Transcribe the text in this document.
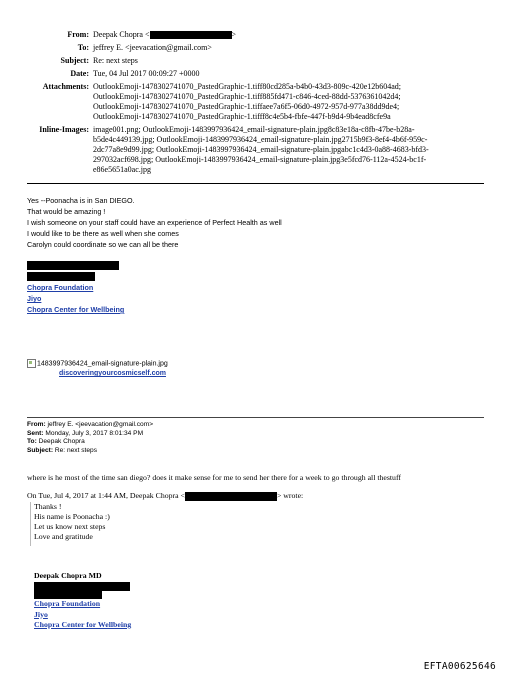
From: Deepak Chopra <	>
To: jeffrey E. <jeevacation@gmail.com>
Subject: Re: next steps
Date: Tue, 04 Jul 2017 00:09:27 +0000
Attachments: OutlookEmoji-1478302741070_PastedGraphic-1.tiff80cd285a-b4b0-43d3-809c-420e12b604ad;
OutlookEmoji-1478302741070_PastedGraphic-1.tiff885fd471-c846-4ced-88dd-5376361042d4;
OutlookEmoji-1478302741070_PastedGraphic-1.tiffaee7a6f5-06d0-4972-957d-977a38dd9de4;
OutlookEmoji-1478302741070_PastedGraphic-1.tifff8c4e5b4-fbfe-447f-b9d4-9b4ead8cfe9a
Inline-Images: image001.png; OutlookEmoji-1483997936424_email-signature-plain.jpg8c83e18a-c8fb-47be-b28a-
b5de4c449139.jpg; OutlookEmoji-1483997936424_email-signature-plain.jpg2715b9f3-8ef4-4b6f-959c-
2dc77a8e9d99.jpg; OutlookEmoji-1483997936424_email-signature-plain.jpgabc1c4d3-0a88-4683-bfd3-
297032acf698.jpg; OutlookEmoji-1483997936424_email-signature-plain.jpg3e5fcd76-112a-4524-bc1f-
e86e5651a0ac.jpg
Yes --Poonacha is in San DIEGO.
That would be amazing !
I wish someone on your staff could have an experience of Perfect Health as well
I would like to be there as well when she comes
Carolyn could coordinate so we can all be there
Chopra Foundation
Jiyo
Chopra Center for Wellbeing
1483997936424_email-signature-plain.jpg
discoveringyourcosmicself.com
From: jeffrey E. <jeevacation@gmail.com>
Sent: Monday, July 3, 2017 8:01:34 PM
To: Deepak Chopra
Subject: Re: next steps
where is he most of the time san diego? does it make sense for me to send her there for a week to go through all thestuff
On Tue, Jul 4, 2017 at 1:44 AM, Deepak Chopra <	> wrote:
Thanks !
His name is Poonacha :)
Let us know next steps
Love and gratitude
Deepak Chopra MD
Chopra Foundation
Jiyo
Chopra Center for Wellbeing
EFTA00625646
